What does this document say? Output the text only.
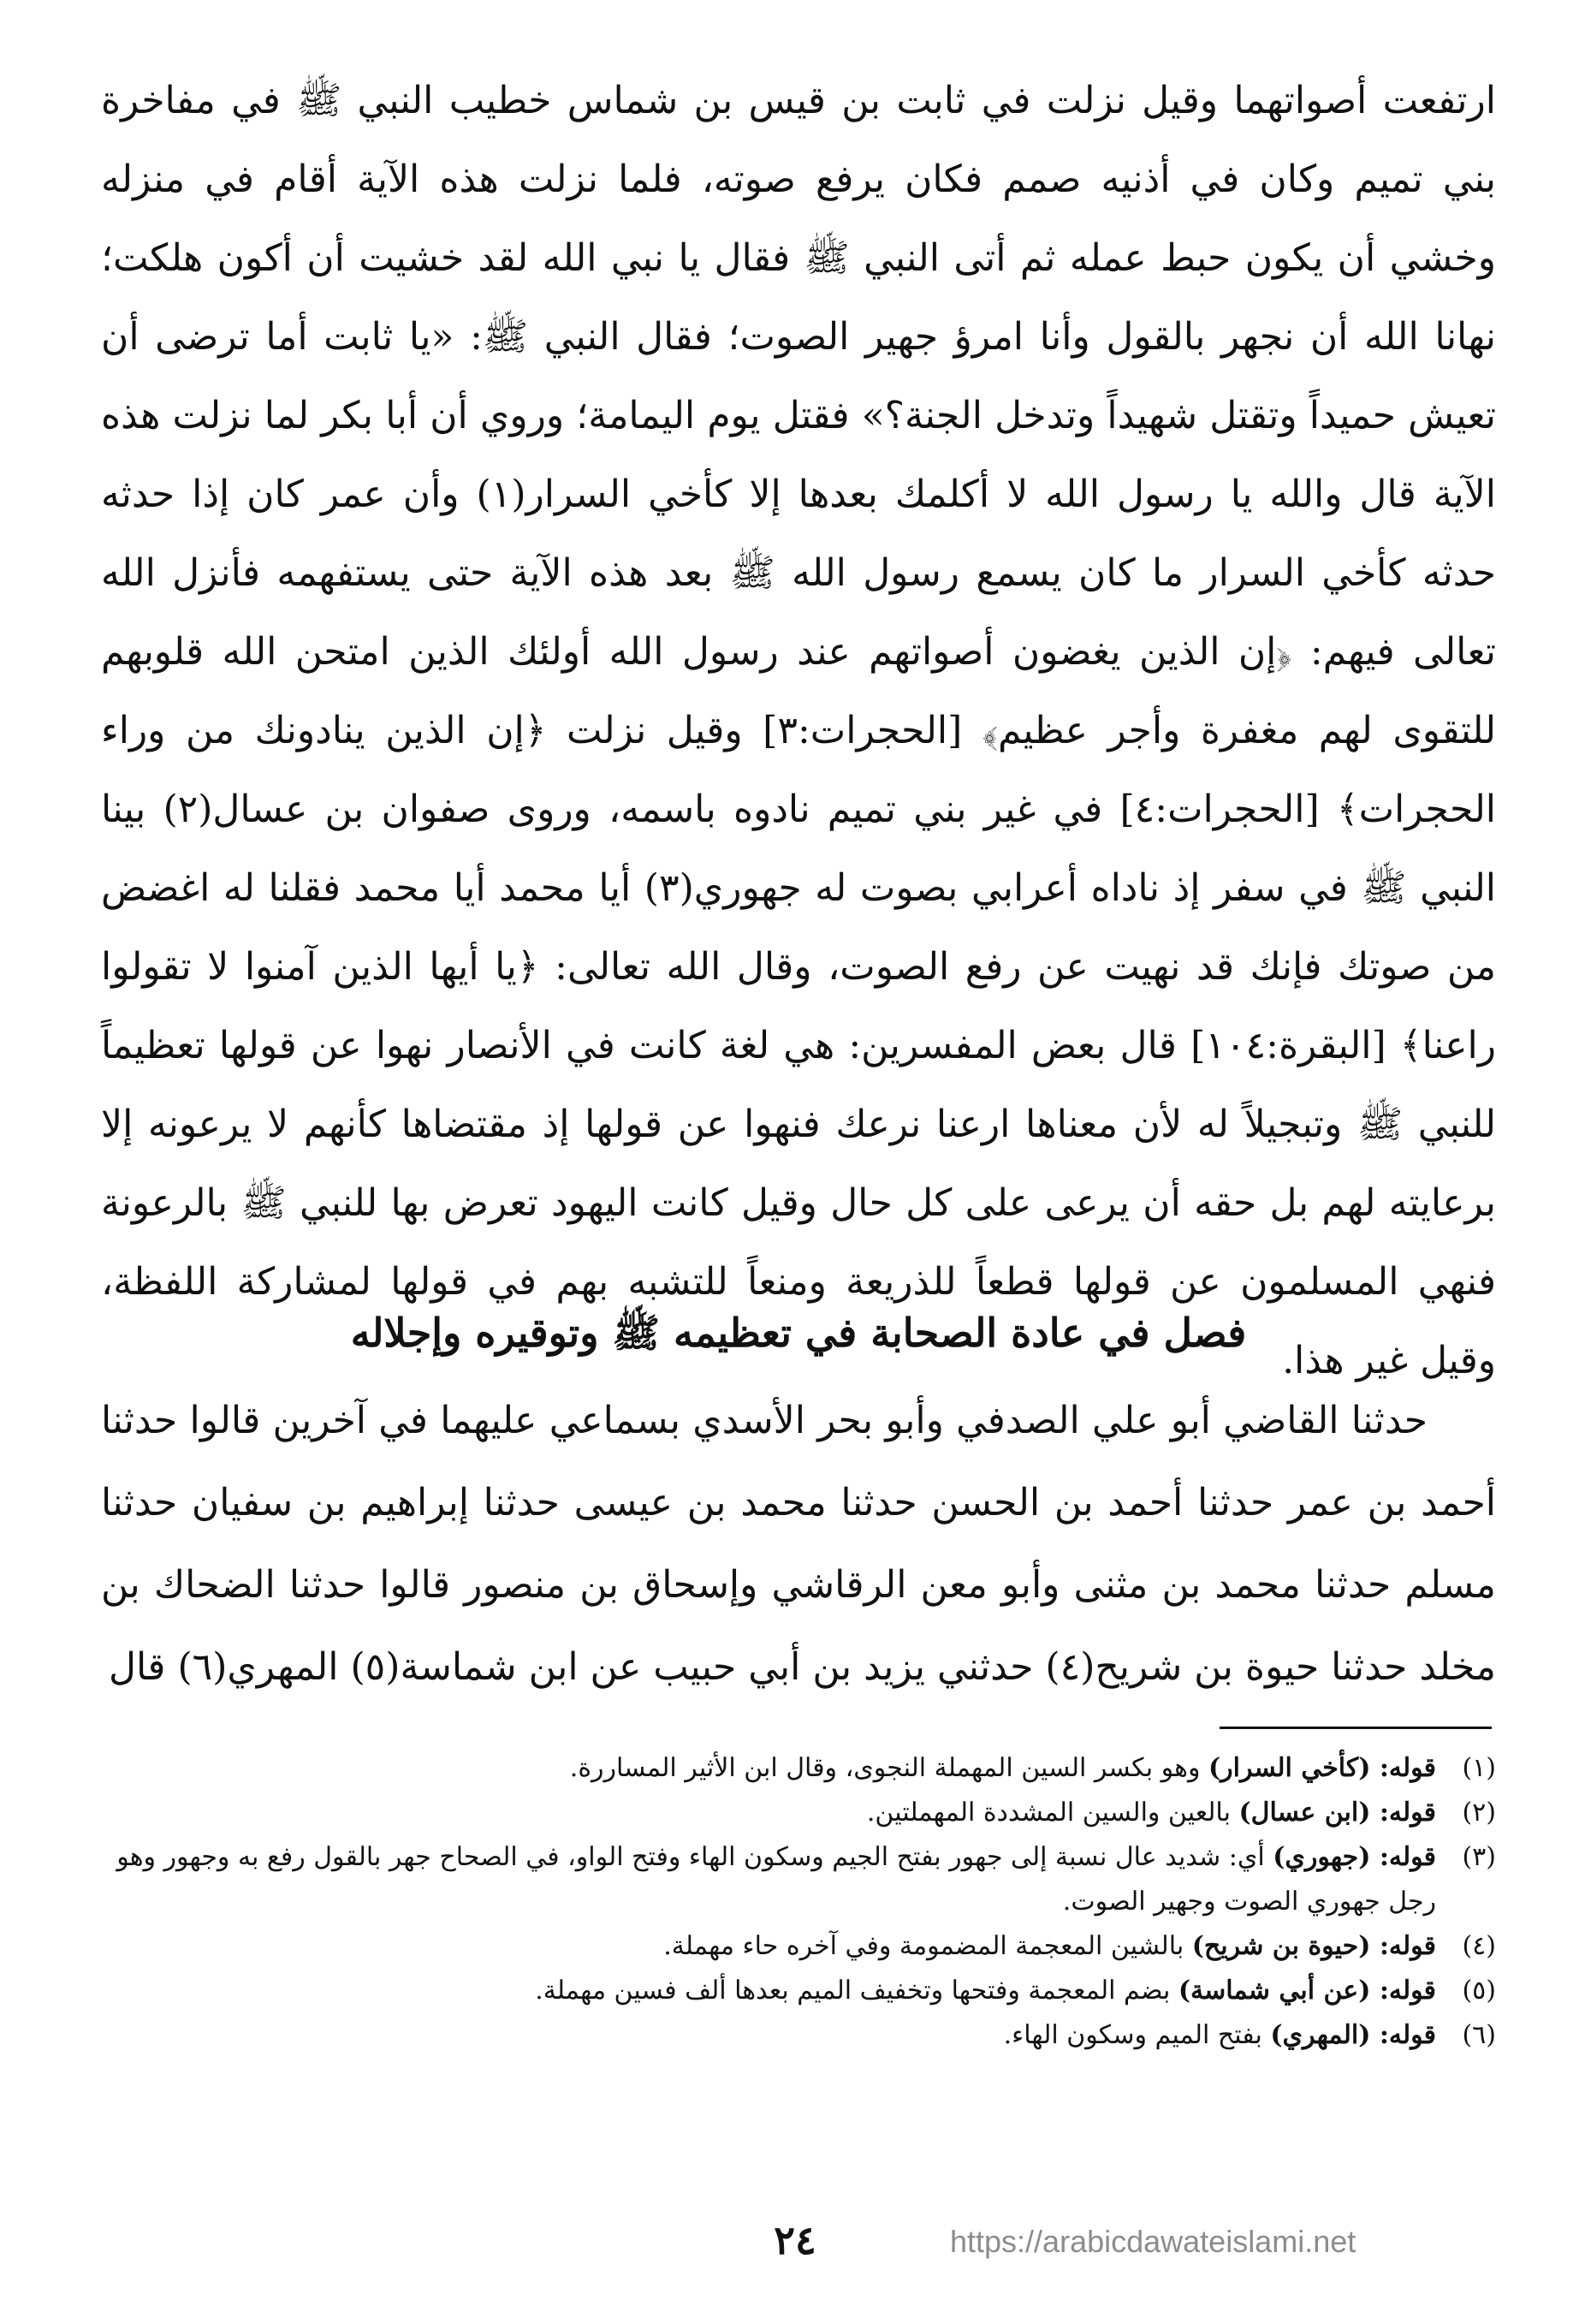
ارتفعت أصواتهما وقيل نزلت في ثابت بن قيس بن شماس خطيب النبي ﷺ في مفاخرة بني تميم وكان في أذنيه صمم فكان يرفع صوته، فلما نزلت هذه الآية أقام في منزله وخشي أن يكون حبط عمله ثم أتى النبي ﷺ فقال يا نبي الله لقد خشيت أن أكون هلكت؛ نهانا الله أن نجهر بالقول وأنا امرؤ جهير الصوت؛ فقال النبي ﷺ: «يا ثابت أما ترضى أن تعيش حميداً وتقتل شهيداً وتدخل الجنة؟» فقتل يوم اليمامة؛ وروي أن أبا بكر لما نزلت هذه الآية قال والله يا رسول الله لا أكلمك بعدها إلا كأخي السرار(١) وأن عمر كان إذا حدثه حدثه كأخي السرار ما كان يسمع رسول الله ﷺ بعد هذه الآية حتى يستفهمه فأنزل الله تعالى فيهم: ﴿إن الذين يغضون أصواتهم عند رسول الله أولئك الذين امتحن الله قلوبهم للتقوى لهم مغفرة وأجر عظيم﴾ [الحجرات:٣] وقيل نزلت ﴿إن الذين ينادونك من وراء الحجرات﴾ [الحجرات:٤] في غير بني تميم نادوه باسمه، وروى صفوان بن عسال(٢) بينا النبي ﷺ في سفر إذ ناداه أعرابي بصوت له جهوري(٣) أيا محمد أيا محمد فقلنا له اغضض من صوتك فإنك قد نهيت عن رفع الصوت، وقال الله تعالى: ﴿يا أيها الذين آمنوا لا تقولوا راعنا﴾ [البقرة:١٠٤] قال بعض المفسرين: هي لغة كانت في الأنصار نهوا عن قولها تعظيماً للنبي ﷺ وتبجيلاً له لأن معناها ارعنا نرعك فنهوا عن قولها إذ مقتضاها كأنهم لا يرعونه إلا برعايته لهم بل حقه أن يرعى على كل حال وقيل كانت اليهود تعرض بها للنبي ﷺ بالرعونة فنهي المسلمون عن قولها قطعاً للذريعة ومنعاً للتشبه بهم في قولها لمشاركة اللفظة، وقيل غير هذا.

فصل في عادة الصحابة في تعظيمه ﷺ وتوقيره وإجلاله
حدثنا القاضي أبو علي الصدفي وأبو بحر الأسدي بسماعي عليهما في آخرين قالوا حدثنا أحمد بن عمر حدثنا أحمد بن الحسن حدثنا محمد بن عيسى حدثنا إبراهيم بن سفيان حدثنا مسلم حدثنا محمد بن مثنى وأبو معن الرقاشي وإسحاق بن منصور قالوا حدثنا الضحاك بن مخلد حدثنا حيوة بن شريح(٤) حدثني يزيد بن أبي حبيب عن ابن شماسة(٥) المهري(٦) قال
(١)
قوله: (كأخي السرار) وهو بكسر السين المهملة النجوى، وقال ابن الأثير المساررة.
(٢)
قوله: (ابن عسال) بالعين والسين المشددة المهملتين.
(٣)
قوله: (جهوري) أي: شديد عال نسبة إلى جهور بفتح الجيم وسكون الهاء وفتح الواو، في الصحاح جهر بالقول رفع به وجهور وهو رجل جهوري الصوت وجهير الصوت.
(٤)
قوله: (حيوة بن شريح) بالشين المعجمة المضمومة وفي آخره حاء مهملة.
(٥)
قوله: (عن أبي شماسة) بضم المعجمة وفتحها وتخفيف الميم بعدها ألف فسين مهملة.
(٦)
قوله: (المهري) بفتح الميم وسكون الهاء.
٢٤	https://arabicdawateislami.net
